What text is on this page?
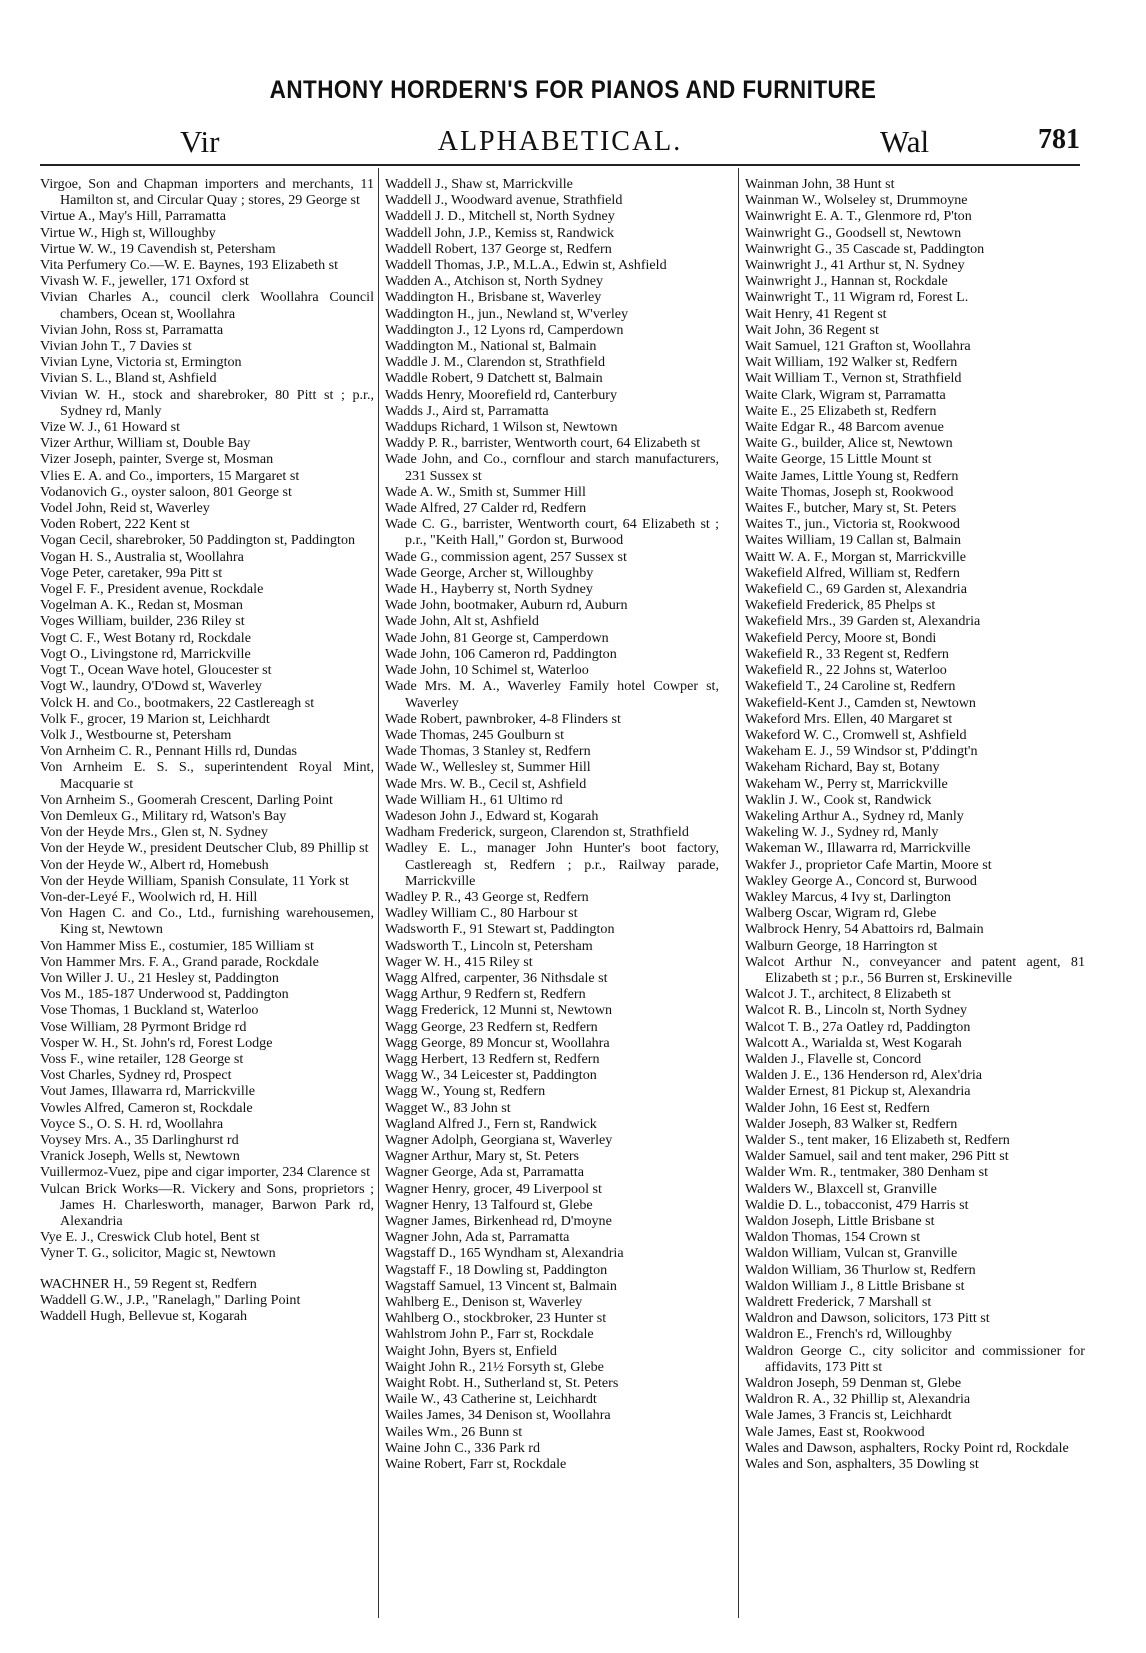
ANTHONY HORDERN'S FOR PIANOS AND FURNITURE
Vir	ALPHABETICAL.	Wal	781

Virgoe, Son and Chapman importers and merchants, 11 Hamilton st, and Circular Quay ; stores, 29 George st

Virtue A., May's Hill, Parramatta

Virtue W., High st, Willoughby

Virtue W. W., 19 Cavendish st, Petersham

Vita Perfumery Co.—W. E. Baynes, 193 Elizabeth st

Vivash W. F., jeweller, 171 Oxford st

Vivian Charles A., council clerk Woollahra Council chambers, Ocean st, Woollahra

Vivian John, Ross st, Parramatta

Vivian John T., 7 Davies st

Vivian Lyne, Victoria st, Ermington

Vivian S. L., Bland st, Ashfield

Vivian W. H., stock and sharebroker, 80 Pitt st ; p.r., Sydney rd, Manly

Vize W. J., 61 Howard st

Vizer Arthur, William st, Double Bay

Vizer Joseph, painter, Sverge st, Mosman

Vlies E. A. and Co., importers, 15 Margaret st

Vodanovich G., oyster saloon, 801 George st

Vodel John, Reid st, Waverley

Voden Robert, 222 Kent st

Vogan Cecil, sharebroker, 50 Paddington st, Paddington

Vogan H. S., Australia st, Woollahra

Voge Peter, caretaker, 99a Pitt st

Vogel F. F., President avenue, Rockdale

Vogelman A. K., Redan st, Mosman

Voges William, builder, 236 Riley st

Vogt C. F., West Botany rd, Rockdale

Vogt O., Livingstone rd, Marrickville

Vogt T., Ocean Wave hotel, Gloucester st

Vogt W., laundry, O'Dowd st, Waverley

Volck H. and Co., bootmakers, 22 Castlereagh st

Volk F., grocer, 19 Marion st, Leichhardt

Volk J., Westbourne st, Petersham

Von Arnheim C. R., Pennant Hills rd, Dundas

Von Arnheim E. S. S., superintendent Royal Mint, Macquarie st

Von Arnheim S., Goomerah Crescent, Darling Point

Von Demleux G., Military rd, Watson's Bay

Von der Heyde Mrs., Glen st, N. Sydney

Von der Heyde W., president Deutscher Club, 89 Phillip st

Von der Heyde W., Albert rd, Homebush

Von der Heyde William, Spanish Consulate, 11 York st

Von-der-Leyé F., Woolwich rd, H. Hill

Von Hagen C. and Co., Ltd., furnishing warehousemen, King st, Newtown

Von Hammer Miss E., costumier, 185 William st

Von Hammer Mrs. F. A., Grand parade, Rockdale

Von Willer J. U., 21 Hesley st, Paddington

Vos M., 185-187 Underwood st, Paddington

Vose Thomas, 1 Buckland st, Waterloo

Vose William, 28 Pyrmont Bridge rd

Vosper W. H., St. John's rd, Forest Lodge

Voss F., wine retailer, 128 George st

Vost Charles, Sydney rd, Prospect

Vout James, Illawarra rd, Marrickville

Vowles Alfred, Cameron st, Rockdale

Voyce S., O. S. H. rd, Woollahra

Voysey Mrs. A., 35 Darlinghurst rd

Vranick Joseph, Wells st, Newtown

Vuillermoz-Vuez, pipe and cigar importer, 234 Clarence st

Vulcan Brick Works—R. Vickery and Sons, proprietors ; James H. Charlesworth, manager, Barwon Park rd, Alexandria

Vye E. J., Creswick Club hotel, Bent st

Vyner T. G., solicitor, Magic st, Newtown

WACHNER H., 59 Regent st, Redfern

Waddell G.W., J.P., "Ranelagh," Darling Point

Waddell Hugh, Bellevue st, Kogarah

Waddell J., Shaw st, Marrickville

Waddell J., Woodward avenue, Strathfield

Waddell J. D., Mitchell st, North Sydney

Waddell John, J.P., Kemiss st, Randwick

Waddell Robert, 137 George st, Redfern

Waddell Thomas, J.P., M.L.A., Edwin st, Ashfield

Wadden A., Atchison st, North Sydney

Waddington H., Brisbane st, Waverley

Waddington H., jun., Newland st, W'verley

Waddington J., 12 Lyons rd, Camperdown

Waddington M., National st, Balmain

Waddle J. M., Clarendon st, Strathfield

Waddle Robert, 9 Datchett st, Balmain

Wadds Henry, Moorefield rd, Canterbury

Wadds J., Aird st, Parramatta

Waddups Richard, 1 Wilson st, Newtown

Waddy P. R., barrister, Wentworth court, 64 Elizabeth st

Wade John, and Co., cornflour and starch manufacturers, 231 Sussex st

Wade A. W., Smith st, Summer Hill

Wade Alfred, 27 Calder rd, Redfern

Wade C. G., barrister, Wentworth court, 64 Elizabeth st ; p.r., "Keith Hall," Gordon st, Burwood

Wade G., commission agent, 257 Sussex st

Wade George, Archer st, Willoughby

Wade H., Hayberry st, North Sydney

Wade John, bootmaker, Auburn rd, Auburn

Wade John, Alt st, Ashfield

Wade John, 81 George st, Camperdown

Wade John, 106 Cameron rd, Paddington

Wade John, 10 Schimel st, Waterloo

Wade Mrs. M. A., Waverley Family hotel Cowper st, Waverley

Wade Robert, pawnbroker, 4-8 Flinders st

Wade Thomas, 245 Goulburn st

Wade Thomas, 3 Stanley st, Redfern

Wade W., Wellesley st, Summer Hill

Wade Mrs. W. B., Cecil st, Ashfield

Wade William H., 61 Ultimo rd

Wadeson John J., Edward st, Kogarah

Wadham Frederick, surgeon, Clarendon st, Strathfield

Wadley E. L., manager John Hunter's boot factory, Castlereagh st, Redfern ; p.r., Railway parade, Marrickville

Wadley P. R., 43 George st, Redfern

Wadley William C., 80 Harbour st

Wadsworth F., 91 Stewart st, Paddington

Wadsworth T., Lincoln st, Petersham

Wager W. H., 415 Riley st

Wagg Alfred, carpenter, 36 Nithsdale st

Wagg Arthur, 9 Redfern st, Redfern

Wagg Frederick, 12 Munni st, Newtown

Wagg George, 23 Redfern st, Redfern

Wagg George, 89 Moncur st, Woollahra

Wagg Herbert, 13 Redfern st, Redfern

Wagg W., 34 Leicester st, Paddington

Wagg W., Young st, Redfern

Wagget W., 83 John st

Wagland Alfred J., Fern st, Randwick

Wagner Adolph, Georgiana st, Waverley

Wagner Arthur, Mary st, St. Peters

Wagner George, Ada st, Parramatta

Wagner Henry, grocer, 49 Liverpool st

Wagner Henry, 13 Talfourd st, Glebe

Wagner James, Birkenhead rd, D'moyne

Wagner John, Ada st, Parramatta

Wagstaff D., 165 Wyndham st, Alexandria

Wagstaff F., 18 Dowling st, Paddington

Wagstaff Samuel, 13 Vincent st, Balmain

Wahlberg E., Denison st, Waverley

Wahlberg O., stockbroker, 23 Hunter st

Wahlstrom John P., Farr st, Rockdale

Waight John, Byers st, Enfield

Waight John R., 21½ Forsyth st, Glebe

Waight Robt. H., Sutherland st, St. Peters

Waile W., 43 Catherine st, Leichhardt

Wailes James, 34 Denison st, Woollahra

Wailes Wm., 26 Bunn st

Waine John C., 336 Park rd

Waine Robert, Farr st, Rockdale

Wainman John, 38 Hunt st

Wainman W., Wolseley st, Drummoyne

Wainwright E. A. T., Glenmore rd, P'ton

Wainwright G., Goodsell st, Newtown

Wainwright G., 35 Cascade st, Paddington

Wainwright J., 41 Arthur st, N. Sydney

Wainwright J., Hannan st, Rockdale

Wainwright T., 11 Wigram rd, Forest L.

Wait Henry, 41 Regent st

Wait John, 36 Regent st

Wait Samuel, 121 Grafton st, Woollahra

Wait William, 192 Walker st, Redfern

Wait William T., Vernon st, Strathfield

Waite Clark, Wigram st, Parramatta

Waite E., 25 Elizabeth st, Redfern

Waite Edgar R., 48 Barcom avenue

Waite G., builder, Alice st, Newtown

Waite George, 15 Little Mount st

Waite James, Little Young st, Redfern

Waite Thomas, Joseph st, Rookwood

Waites F., butcher, Mary st, St. Peters

Waites T., jun., Victoria st, Rookwood

Waites William, 19 Callan st, Balmain

Waitt W. A. F., Morgan st, Marrickville

Wakefield Alfred, William st, Redfern

Wakefield C., 69 Garden st, Alexandria

Wakefield Frederick, 85 Phelps st

Wakefield Mrs., 39 Garden st, Alexandria

Wakefield Percy, Moore st, Bondi

Wakefield R., 33 Regent st, Redfern

Wakefield R., 22 Johns st, Waterloo

Wakefield T., 24 Caroline st, Redfern

Wakefield-Kent J., Camden st, Newtown

Wakeford Mrs. Ellen, 40 Margaret st

Wakeford W. C., Cromwell st, Ashfield

Wakeham E. J., 59 Windsor st, P'ddingt'n

Wakeham Richard, Bay st, Botany

Wakeham W., Perry st, Marrickville

Waklin J. W., Cook st, Randwick

Wakeling Arthur A., Sydney rd, Manly

Wakeling W. J., Sydney rd, Manly

Wakeman W., Illawarra rd, Marrickville

Wakfer J., proprietor Cafe Martin, Moore st

Wakley George A., Concord st, Burwood

Wakley Marcus, 4 Ivy st, Darlington

Walberg Oscar, Wigram rd, Glebe

Walbrock Henry, 54 Abattoirs rd, Balmain

Walburn George, 18 Harrington st

Walcot Arthur N., conveyancer and patent agent, 81 Elizabeth st ; p.r., 56 Burren st, Erskineville

Walcot J. T., architect, 8 Elizabeth st

Walcot R. B., Lincoln st, North Sydney

Walcot T. B., 27a Oatley rd, Paddington

Walcott A., Warialda st, West Kogarah

Walden J., Flavelle st, Concord

Walden J. E., 136 Henderson rd, Alex'dria

Walder Ernest, 81 Pickup st, Alexandria

Walder John, 16 Eest st, Redfern

Walder Joseph, 83 Walker st, Redfern

Walder S., tent maker, 16 Elizabeth st, Redfern

Walder Samuel, sail and tent maker, 296 Pitt st

Walder Wm. R., tentmaker, 380 Denham st

Walders W., Blaxcell st, Granville

Waldie D. L., tobacconist, 479 Harris st

Waldon Joseph, Little Brisbane st

Waldon Thomas, 154 Crown st

Waldon William, Vulcan st, Granville

Waldon William, 36 Thurlow st, Redfern

Waldon William J., 8 Little Brisbane st

Waldrett Frederick, 7 Marshall st

Waldron and Dawson, solicitors, 173 Pitt st

Waldron E., French's rd, Willoughby

Waldron George C., city solicitor and commissioner for affidavits, 173 Pitt st

Waldron Joseph, 59 Denman st, Glebe

Waldron R. A., 32 Phillip st, Alexandria

Wale James, 3 Francis st, Leichhardt

Wale James, East st, Rookwood

Wales and Dawson, asphalters, Rocky Point rd, Rockdale

Wales and Son, asphalters, 35 Dowling st
